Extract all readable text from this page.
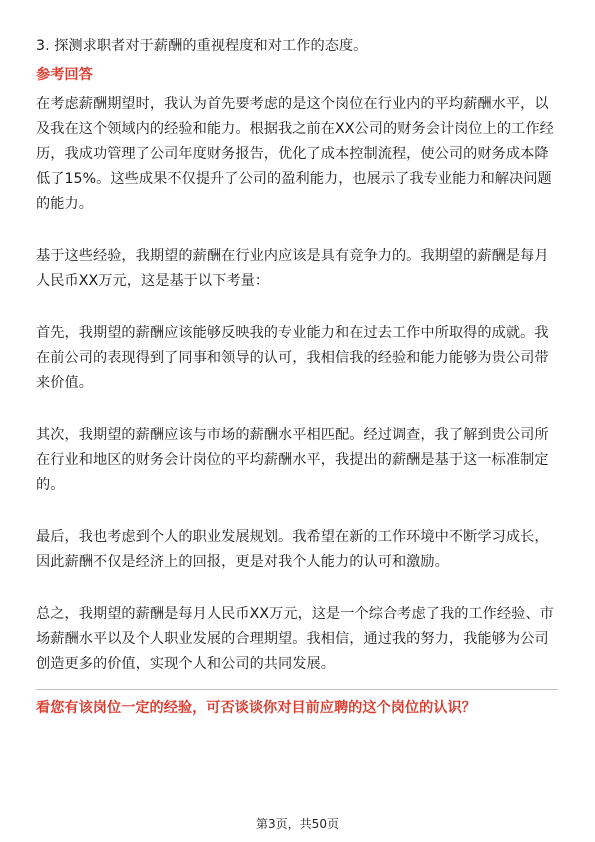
3. 探测求职者对于薪酬的重视程度和对工作的态度。
参考回答
在考虑薪酬期望时，我认为首先要考虑的是这个岗位在行业内的平均薪酬水平，以
及我在这个领域内的经验和能力。根据我之前在XX公司的财务会计岗位上的工作经
历，我成功管理了公司年度财务报告，优化了成本控制流程，使公司的财务成本降
低了15%。这些成果不仅提升了公司的盈利能力，也展示了我专业能力和解决问题
的能力。
基于这些经验，我期望的薪酬在行业内应该是具有竞争力的。我期望的薪酬是每月
人民币XX万元，这是基于以下考量：
首先，我期望的薪酬应该能够反映我的专业能力和在过去工作中所取得的成就。我
在前公司的表现得到了同事和领导的认可，我相信我的经验和能力能够为贵公司带
来价值。
其次，我期望的薪酬应该与市场的薪酬水平相匹配。经过调查，我了解到贵公司所
在行业和地区的财务会计岗位的平均薪酬水平，我提出的薪酬是基于这一标准制定
的。
最后，我也考虑到个人的职业发展规划。我希望在新的工作环境中不断学习成长，
因此薪酬不仅是经济上的回报，更是对我个人能力的认可和激励。
总之，我期望的薪酬是每月人民币XX万元，这是一个综合考虑了我的工作经验、市
场薪酬水平以及个人职业发展的合理期望。我相信，通过我的努力，我能够为公司
创造更多的价值，实现个人和公司的共同发展。
看您有该岗位一定的经验，可否谈谈你对目前应聘的这个岗位的认识？
第3页，共50页
